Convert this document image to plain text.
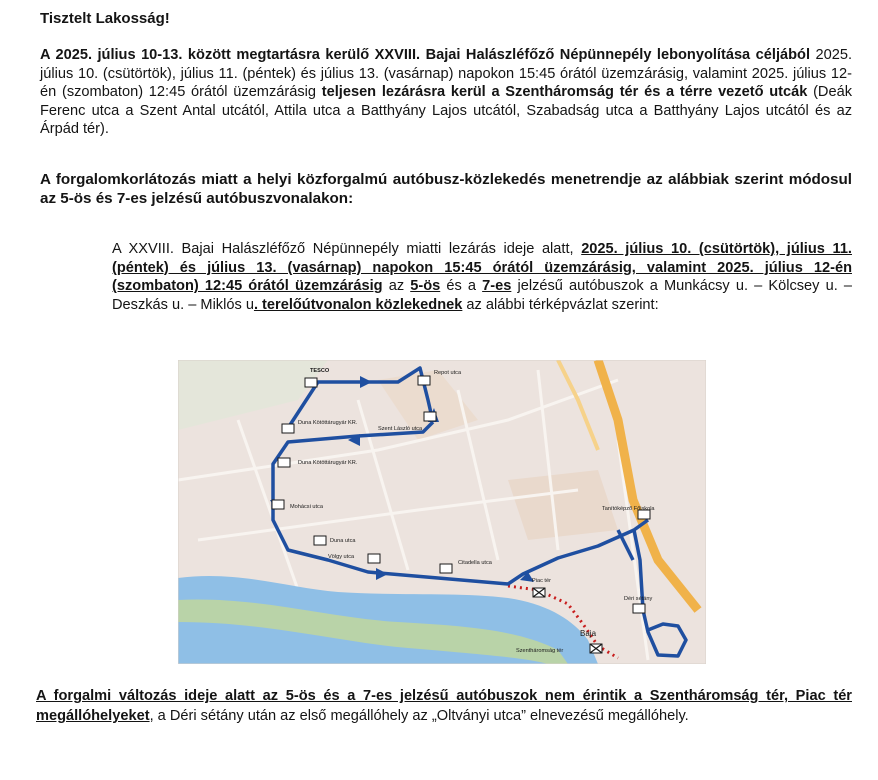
Tisztelt Lakosság!

A 2025. július 10-13. között megtartásra kerülő XXVIII. Bajai Halászléfőző Népünnepély lebonyolítása céljából 2025. július 10. (csütörtök), július 11. (péntek) és július 13. (vasárnap) napokon 15:45 órától üzemzárásig, valamint 2025. július 12-én (szombaton) 12:45 órától üzemzárásig teljesen lezárásra kerül a Szentháromság tér és a térre vezető utcák (Deák Ferenc utca a Szent Antal utcától, Attila utca a Batthyány Lajos utcától, Szabadság utca a Batthyány Lajos utcától és az Árpád tér).

A forgalomkorlátozás miatt a helyi közforgalmú autóbusz-közlekedés menetrendje az alábbiak szerint módosul az 5-ös és 7-es jelzésű autóbuszvonalakon:

A XXVIII. Bajai Halászléfőző Népünnepély miatti lezárás ideje alatt, 2025. július 10. (csütörtök), július 11. (péntek) és július 13. (vasárnap) napokon 15:45 órától üzemzárásig, valamint 2025. július 12-én (szombaton) 12:45 órától üzemzárásig az 5-ös és a 7-es jelzésű autóbuszok a Munkácsy u. – Kölcsey u. – Deszkás u. – Miklós u. terelőútvonalon közlekednek az alábbi térképvázlat szerint:

TESCO	Repot utca
Duna Kötöttárugyár KR.
Szent László utca
Duna Kötöttárugyár KR.
Mohácsi utca
Duna utca
Völgy utca
Citadella utca
Tanítóképző Főiskola
Piac tér
Déri sétány
Baja
Szentháromság tér

A forgalmi változás ideje alatt az 5-ös és a 7-es jelzésű autóbuszok nem érintik a Szentháromság tér, Piac tér megállóhelyeket, a Déri sétány után az első megállóhely az „Oltványi utca” elnevezésű megállóhely.
